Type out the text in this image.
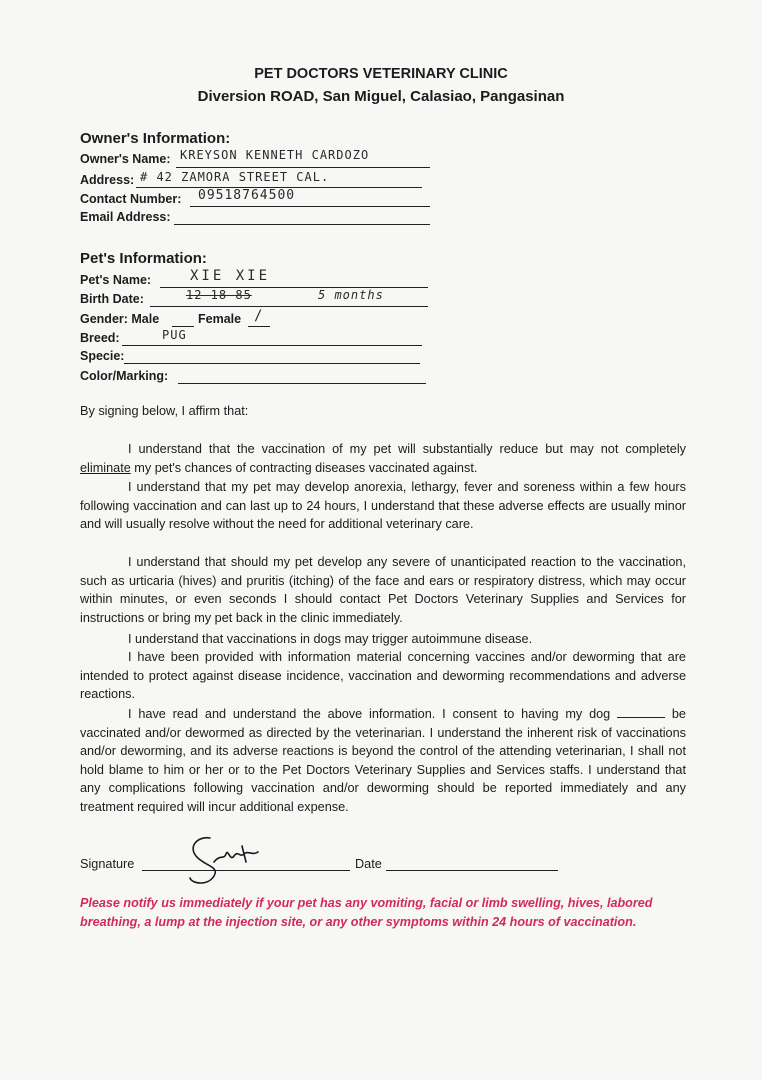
PET DOCTORS VETERINARY CLINIC
Diversion ROAD, San Miguel, Calasiao, Pangasinan
Owner's Information:
Owner's Name: KREYSON KENNETH CARDOZO
Address: # 42 ZAMORA STREET CAL.
Contact Number: 09518764500
Email Address:
Pet's Information:
Pet's Name:	XIE XIE
Birth Date:	12 18 85	5 months
Gender: Male	Female /
Breed:	PUG
Specie:
Color/Marking:
By signing below, I affirm that:
I understand that the vaccination of my pet will substantially reduce but may not completely eliminate my pet's chances of contracting diseases vaccinated against.
I understand that my pet may develop anorexia, lethargy, fever and soreness within a few hours following vaccination and can last up to 24 hours, I understand that these adverse effects are usually minor and will usually resolve without the need for additional veterinary care.
I understand that should my pet develop any severe of unanticipated reaction to the vaccination, such as urticaria (hives) and pruritis (itching) of the face and ears or respiratory distress, which may occur within minutes, or even seconds I should contact Pet Doctors Veterinary Supplies and Services for instructions or bring my pet back in the clinic immediately.
I understand that vaccinations in dogs may trigger autoimmune disease.
I have been provided with information material concerning vaccines and/or deworming that are intended to protect against disease incidence, vaccination and deworming recommendations and adverse reactions.
I have read and understand the above information. I consent to having my dog	be vaccinated and/or dewormed as directed by the veterinarian. I understand the inherent risk of vaccinations and/or deworming, and its adverse reactions is beyond the control of the attending veterinarian, I shall not hold blame to him or her or to the Pet Doctors Veterinary Supplies and Services staffs. I understand that any complications following vaccination and/or deworming should be reported immediately and any treatment required will incur additional expense.
Signature	Date
Please notify us immediately if your pet has any vomiting, facial or limb swelling, hives, labored breathing, a lump at the injection site, or any other symptoms within 24 hours of vaccination.
